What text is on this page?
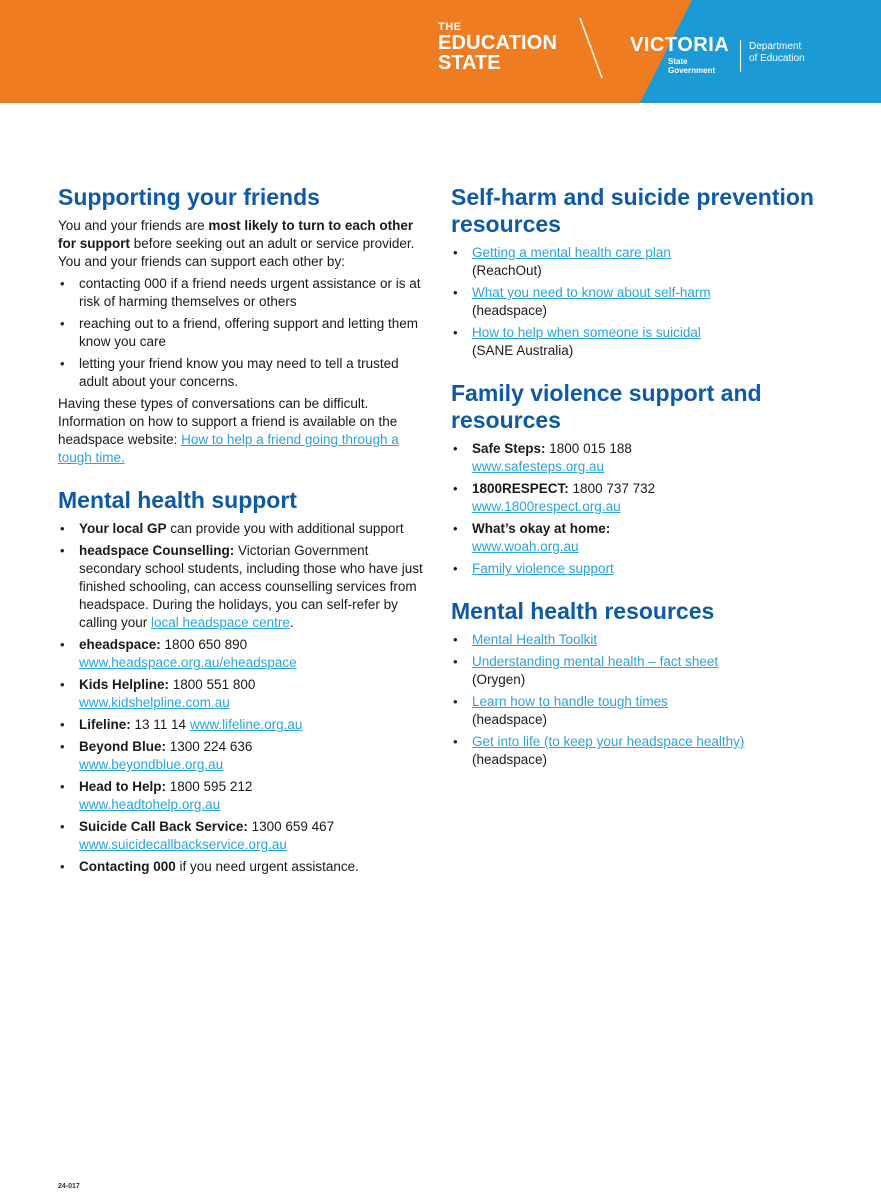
THE
EDUCATION
STATE
VICTORIA
State
Government
Department
of Education
Supporting your friends

You and your friends are most likely to turn to each other for support before seeking out an adult or service provider. You and your friends can support each other by:

• contacting 000 if a friend needs urgent assistance or is at risk of harming themselves or others
• reaching out to a friend, offering support and letting them know you care
• letting your friend know you may need to tell a trusted adult about your concerns.

Having these types of conversations can be difficult. Information on how to support a friend is available on the headspace website: How to help a friend going through a tough time.

Mental health support
• Your local GP can provide you with additional support
• headspace Counselling: Victorian Government secondary school students, including those who have just finished schooling, can access counselling services from headspace. During the holidays, you can self-refer by calling your local headspace centre.
• eheadspace: 1800 650 890
www.headspace.org.au/eheadspace
• Kids Helpline: 1800 551 800
www.kidshelpline.com.au
• Lifeline: 13 11 14 www.lifeline.org.au
• Beyond Blue: 1300 224 636
www.beyondblue.org.au
• Head to Help: 1800 595 212
www.headtohelp.org.au
• Suicide Call Back Service: 1300 659 467
www.suicidecallbackservice.org.au
• Contacting 000 if you need urgent assistance.
Self-harm and suicide prevention resources
• Getting a mental health care plan
(ReachOut)
• What you need to know about self-harm
(headspace)
• How to help when someone is suicidal
(SANE Australia)
Family violence support and resources
• Safe Steps: 1800 015 188
www.safesteps.org.au
• 1800RESPECT: 1800 737 732
www.1800respect.org.au
• What’s okay at home:
www.woah.org.au
• Family violence support
Mental health resources
• Mental Health Toolkit
• Understanding mental health – fact sheet
(Orygen)
• Learn how to handle tough times
(headspace)
• Get into life (to keep your headspace healthy)
(headspace)
24-017
